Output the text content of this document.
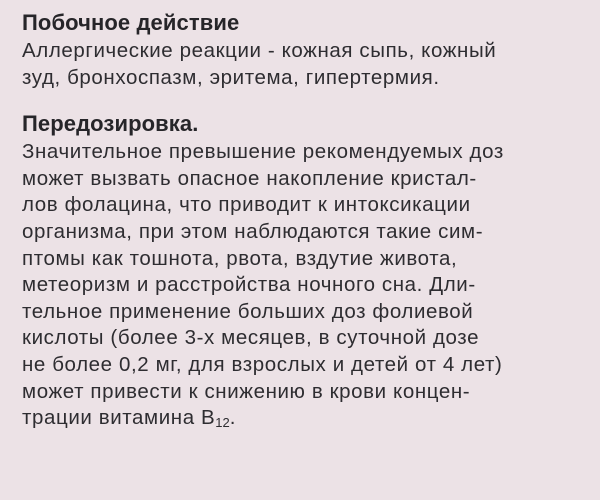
Побочное действие
Аллергические реакции - кожная сыпь, кожный
зуд, бронхоспазм, эритема, гипертермия.
Передозировка.
Значительное превышение рекомендуемых доз
может вызвать опасное накопление кристал-
лов фолацина, что приводит к интоксикации
организма, при этом наблюдаются такие сим-
птомы как тошнота, рвота, вздутие живота,
метеоризм и расстройства ночного сна. Дли-
тельное применение больших доз фолиевой
кислоты (более 3-х месяцев, в суточной дозе
не более 0,2 мг, для взрослых и детей от 4 лет)
может привести к снижению в крови концен-
трации витамина $В_{12}$.
